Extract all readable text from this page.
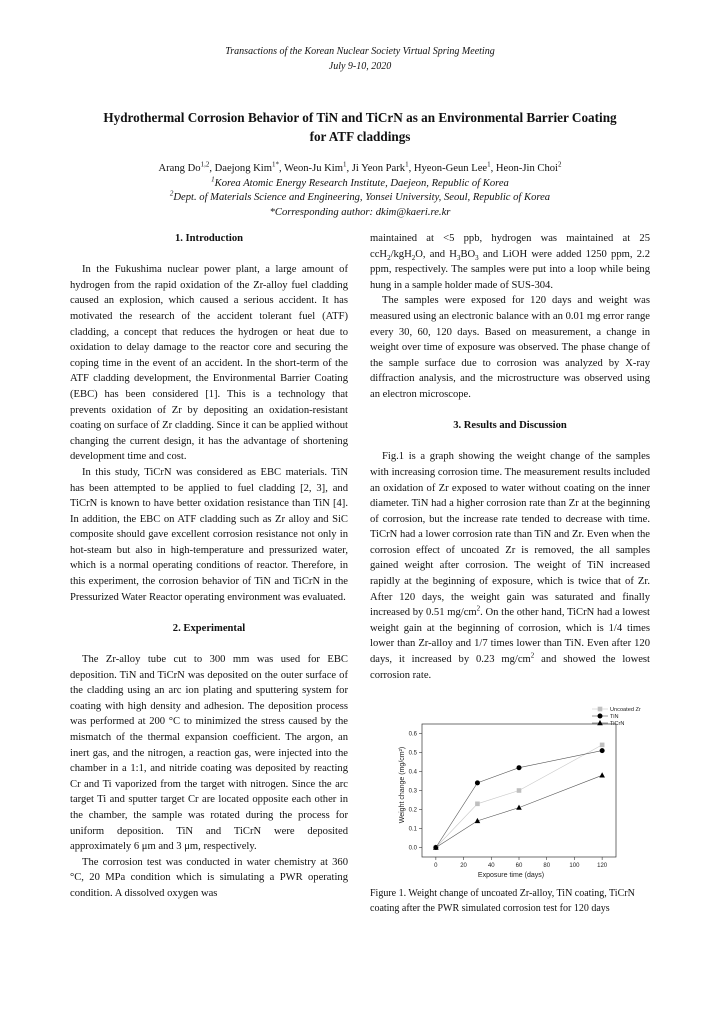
Transactions of the Korean Nuclear Society Virtual Spring Meeting
July 9-10, 2020
Hydrothermal Corrosion Behavior of TiN and TiCrN as an Environmental Barrier Coating
for ATF claddings
Arang Do$^{1,2}$, Daejong Kim$^{1*}$, Weon-Ju Kim$^1$, Ji Yeon Park$^1$, Hyeon-Geun Lee$^1$, Heon-Jin Choi$^2$
$^1$Korea Atomic Energy Research Institute, Daejeon, Republic of Korea
$^2$Dept. of Materials Science and Engineering, Yonsei University, Seoul, Republic of Korea
*Corresponding author: dkim@kaeri.re.kr

1. Introduction

In the Fukushima nuclear power plant, a large amount of hydrogen from the rapid oxidation of the Zr-alloy fuel cladding caused an explosion, which caused a serious accident. It has motivated the research of the accident tolerant fuel (ATF) cladding, a concept that reduces the hydrogen or heat due to oxidation to delay damage to the reactor core and securing the coping time in the event of an accident. In the short-term of the ATF cladding development, the Environmental Barrier Coating (EBC) has been considered [1]. This is a technology that prevents oxidation of Zr by depositing an oxidation-resistant coating on surface of Zr cladding. Since it can be applied without changing the current design, it has the advantage of shortening development time and cost.

In this study, TiCrN was considered as EBC materials. TiN has been attempted to be applied to fuel cladding [2, 3], and TiCrN is known to have better oxidation resistance than TiN [4]. In addition, the EBC on ATF cladding such as Zr alloy and SiC composite should gave excellent corrosion resistance not only in hot-steam but also in high-temperature and pressurized water, which is a normal operating conditions of reactor. Therefore, in this experiment, the corrosion behavior of TiN and TiCrN in the Pressurized Water Reactor operating environment was evaluated.

2. Experimental

The Zr-alloy tube cut to 300 mm was used for EBC deposition. TiN and TiCrN was deposited on the outer surface of the cladding using an arc ion plating and sputtering system for coating with high density and adhesion. The deposition process was performed at 200 °C to minimized the stress caused by the mismatch of the thermal expansion coefficient. The argon, an inert gas, and the nitrogen, a reaction gas, were injected into the chamber in a 1:1, and nitride coating was deposited by reacting Cr and Ti vaporized from the target with nitrogen. Since the arc target Ti and sputter target Cr are located opposite each other in the chamber, the sample was rotated during the process for uniform deposition. TiN and TiCrN were deposited approximately 6 μm and 3 μm, respectively.

The corrosion test was conducted in water chemistry at 360 °C, 20 MPa condition which is simulating a PWR operating condition. A dissolved oxygen was

maintained at <5 ppb, hydrogen was maintained at 25 ccH$_2$/kgH$_2$O, and $H_3BO_3$ and LiOH were added 1250 ppm, 2.2 ppm, respectively. The samples were put into a loop while being hung in a sample holder made of SUS-304.

The samples were exposed for 120 days and weight was measured using an electronic balance with an 0.01 mg error range every 30, 60, 120 days. Based on measurement, a change in weight over time of exposure was observed. The phase change of the sample surface due to corrosion was analyzed by X-ray diffraction analysis, and the microstructure was observed using an electron microscope.

3. Results and Discussion

Fig.1 is a graph showing the weight change of the samples with increasing corrosion time. The measurement results included an oxidation of Zr exposed to water without coating on the inner diameter. TiN had a higher corrosion rate than Zr at the beginning of corrosion, but the increase rate tended to decrease with time. TiCrN had a lower corrosion rate than TiN and Zr. Even when the corrosion effect of uncoated Zr is removed, the all samples gained weight after corrosion. The weight of TiN increased rapidly at the beginning of exposure, which is twice that of Zr. After 120 days, the weight gain was saturated and finally increased by 0.51 $mg/cm^2$. On the other hand, TiCrN had a lowest weight gain at the beginning of corrosion, which is 1/4 times lower than Zr-alloy and 1/7 times lower than TiN. Even after 120 days, it increased by 0.23 $mg/cm^2$ and showed the lowest corrosion rate.

0	20	40	60	80	100	120
0.0
0.1
0.2
0.3
0.4
0.5
0.6
Uncoated Zr
TiN
TiCrN
Exposure time (days)
Weight change (mg/cm²)
Figure 1. Weight change of uncoated Zr-alloy, TiN coating, TiCrN coating after the PWR simulated corrosion test for 120 days
